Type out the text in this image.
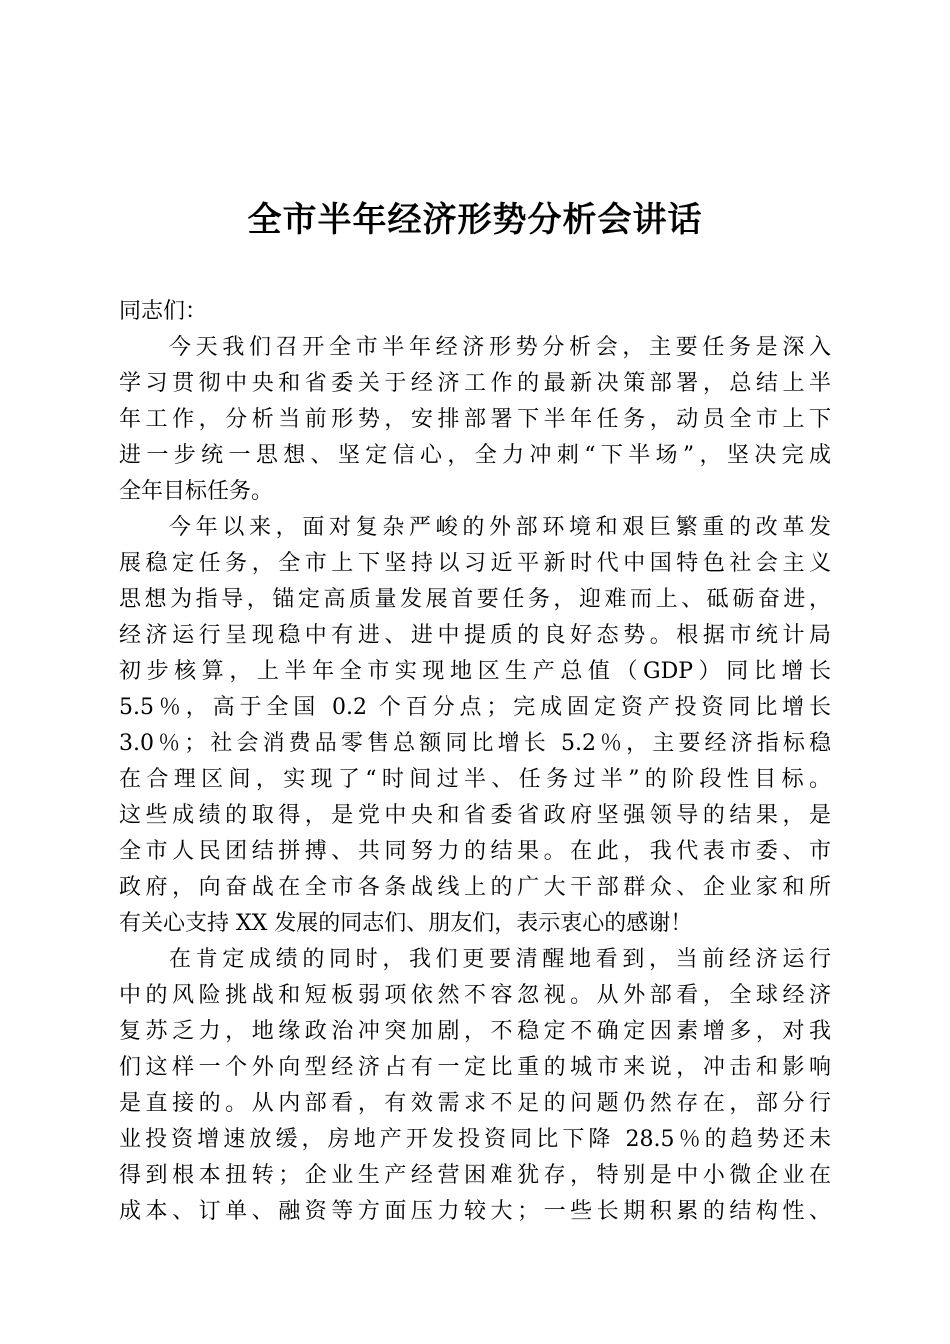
全市半年经济形势分析会讲话
同志们：
今天我们召开全市半年经济形势分析会，主要任务是深入
学习贯彻中央和省委关于经济工作的最新决策部署，总结上半
年工作，分析当前形势，安排部署下半年任务，动员全市上下
进一步统一思想、坚定信心，全力冲刺“下半场”，坚决完成
全年目标任务。
今年以来，面对复杂严峻的外部环境和艰巨繁重的改革发
展稳定任务，全市上下坚持以习近平新时代中国特色社会主义
思想为指导，锚定高质量发展首要任务，迎难而上、砥砺奋进，
经济运行呈现稳中有进、进中提质的良好态势。根据市统计局
初步核算，上半年全市实现地区生产总值（GDP）同比增长
5.5％，高于全国 0.2 个百分点；完成固定资产投资同比增长
3.0％；社会消费品零售总额同比增长 5.2％，主要经济指标稳
在合理区间，实现了“时间过半、任务过半”的阶段性目标。
这些成绩的取得，是党中央和省委省政府坚强领导的结果，是
全市人民团结拼搏、共同努力的结果。在此，我代表市委、市
政府，向奋战在全市各条战线上的广大干部群众、企业家和所
有关心支持 XX 发展的同志们、朋友们，表示衷心的感谢！
在肯定成绩的同时，我们更要清醒地看到，当前经济运行
中的风险挑战和短板弱项依然不容忽视。从外部看，全球经济
复苏乏力，地缘政治冲突加剧，不稳定不确定因素增多，对我
们这样一个外向型经济占有一定比重的城市来说，冲击和影响
是直接的。从内部看，有效需求不足的问题仍然存在，部分行
业投资增速放缓，房地产开发投资同比下降 28.5％的趋势还未
得到根本扭转；企业生产经营困难犹存，特别是中小微企业在
成本、订单、融资等方面压力较大；一些长期积累的结构性、
